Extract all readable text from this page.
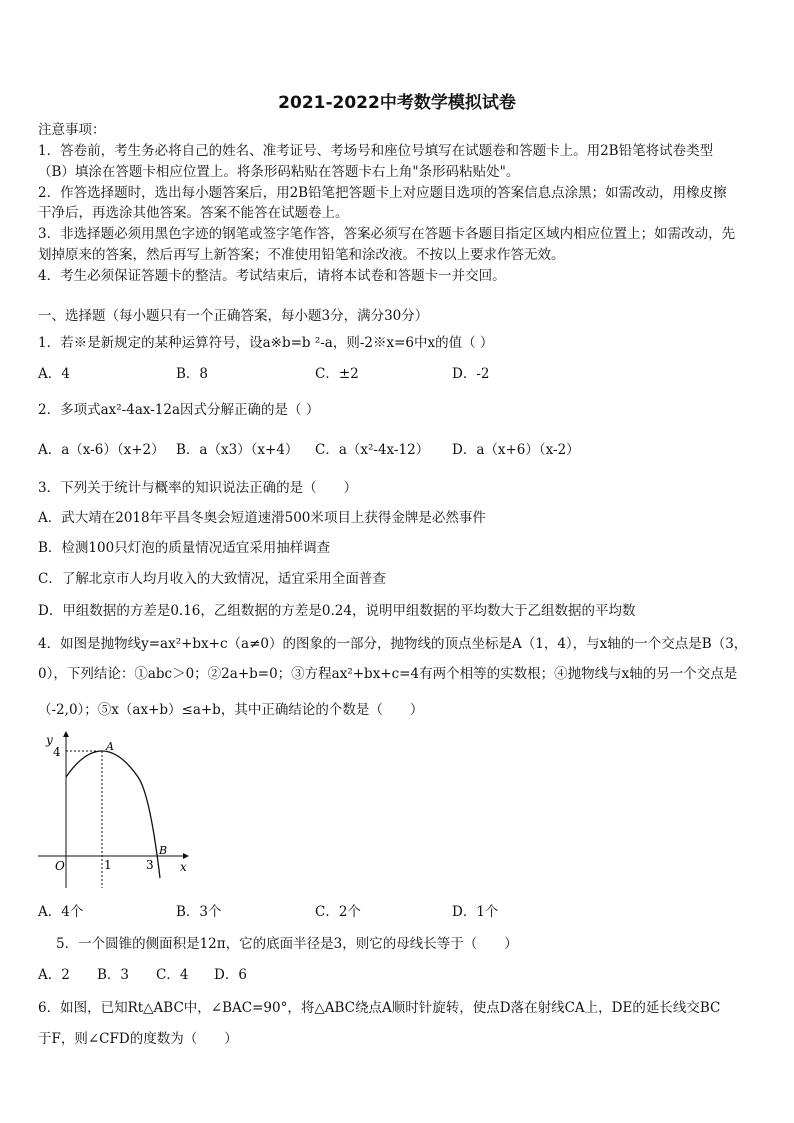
2021-2022中考数学模拟试卷
注意事项：
1．答卷前，考生务必将自己的姓名、准考证号、考场号和座位号填写在试题卷和答题卡上。用2B铅笔将试卷类型
（B）填涂在答题卡相应位置上。将条形码粘贴在答题卡右上角"条形码粘贴处"。
2．作答选择题时，选出每小题答案后，用2B铅笔把答题卡上对应题目选项的答案信息点涂黑；如需改动，用橡皮擦
干净后，再选涂其他答案。答案不能答在试题卷上。
3．非选择题必须用黑色字迹的钢笔或签字笔作答，答案必须写在答题卡各题目指定区域内相应位置上；如需改动，先
划掉原来的答案，然后再写上新答案；不准使用铅笔和涂改液。不按以上要求作答无效。
4．考生必须保证答题卡的整洁。考试结束后，请将本试卷和答题卡一并交回。
一、选择题（每小题只有一个正确答案，每小题3分，满分30分）
1．若※是新规定的某种运算符号，设a※b=b ²-a，则-2※x=6中x的值（ ）
A．4	B．8	C．±2	D．-2
2．多项式ax²-4ax-12a因式分解正确的是（ ）
A．a（x-6）（x+2） B．a（x3）（x+4） C．a（x²-4x-12） D．a（x+6）（x-2）
3．下列关于统计与概率的知识说法正确的是（　　）
A．武大靖在2018年平昌冬奥会短道速滑500米项目上获得金牌是必然事件
B．检测100只灯泡的质量情况适宜采用抽样调查
C．了解北京市人均月收入的大致情况，适宜采用全面普查
D．甲组数据的方差是0.16，乙组数据的方差是0.24，说明甲组数据的平均数大于乙组数据的平均数
4．如图是抛物线y=ax²+bx+c（a≠0）的图象的一部分，抛物线的顶点坐标是A（1，4），与x轴的一个交点是B（3，
0），下列结论：①abc＞0；②2a+b=0；③方程ax²+bx+c=4有两个相等的实数根；④抛物线与x轴的另一个交点是
（-2,0）；⑤x（ax+b）≤a+b，其中正确结论的个数是（　　）
y
x
O
4
1	3
A
B
A．4个	B．3个	C．2个	D．1个
5．一个圆锥的侧面积是12π，它的底面半径是3，则它的母线长等于（　　）
A．2 B．3 C．4 D．6
6．如图，已知Rt△ABC中，∠BAC=90°，将△ABC绕点A顺时针旋转，使点D落在射线CA上，DE的延长线交BC
于F，则∠CFD的度数为（　　）
